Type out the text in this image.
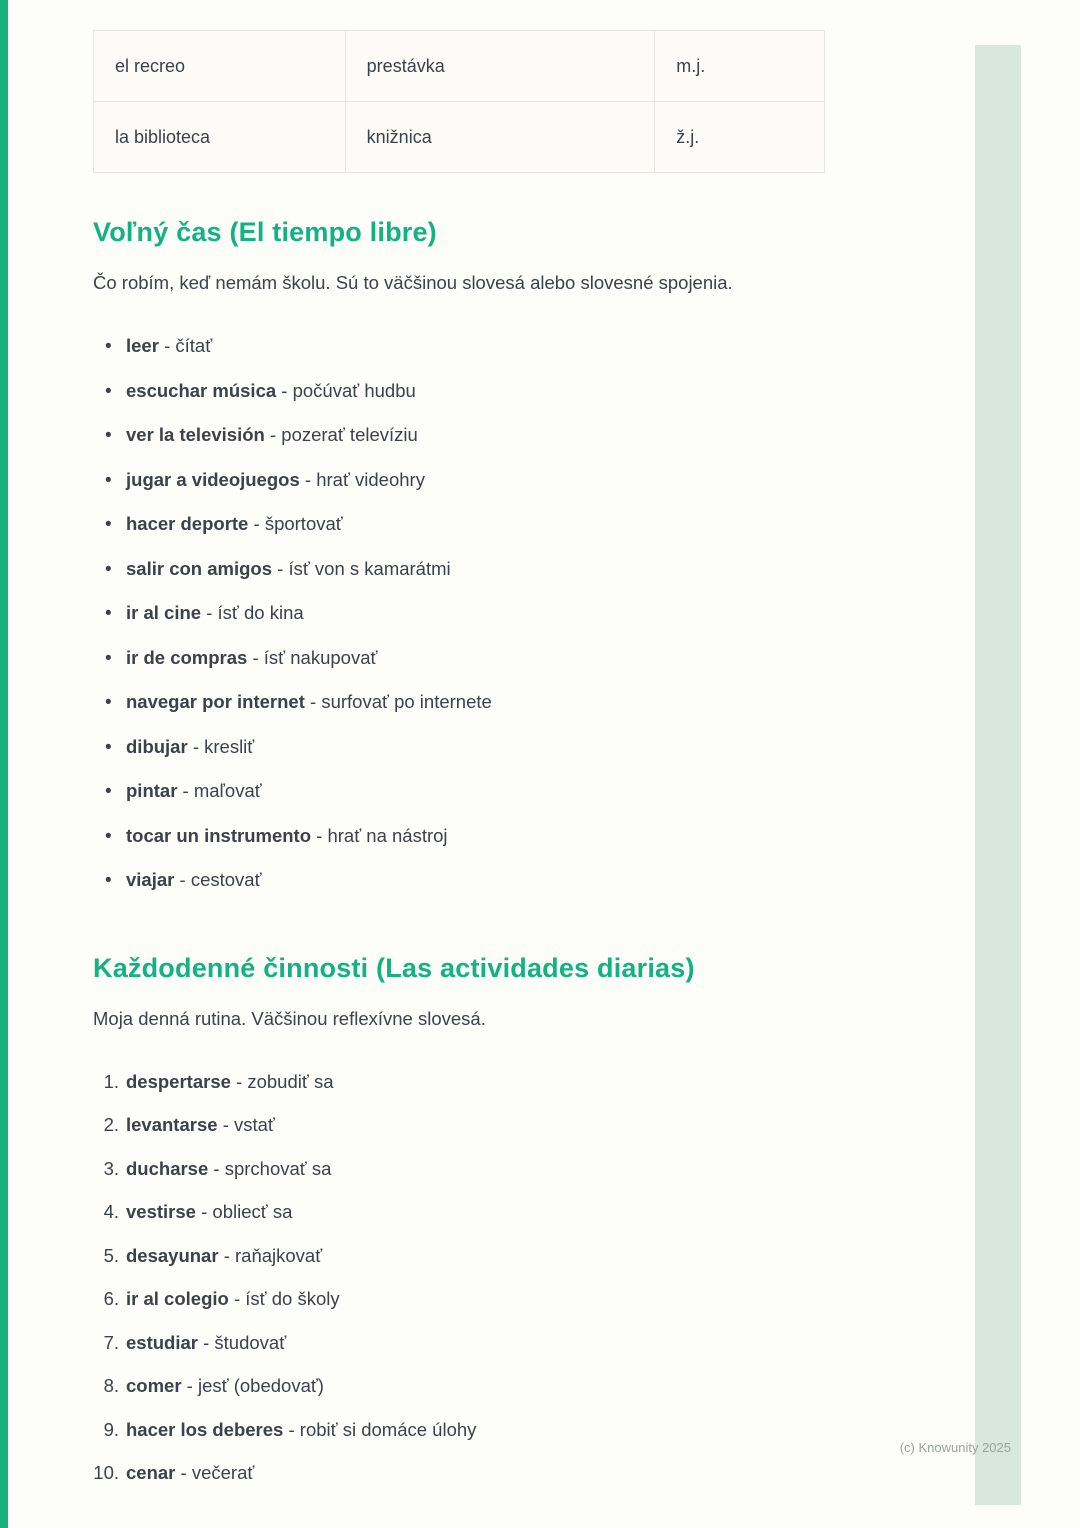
el recreo	prestávka	m.j.
la biblioteca	knižnica	ž.j.
Voľný čas (El tiempo libre)

Čo robím, keď nemám školu. Sú to väčšinou slovesá alebo slovesné spojenia.

• leer - čítať
• escuchar música - počúvať hudbu
• ver la televisión - pozerať televíziu
• jugar a videojuegos - hrať videohry
• hacer deporte - športovať
• salir con amigos - ísť von s kamarátmi
• ir al cine - ísť do kina
• ir de compras - ísť nakupovať
• navegar por internet - surfovať po internete
• dibujar - kresliť
• pintar - maľovať
• tocar un instrumento - hrať na nástroj
• viajar - cestovať
Každodenné činnosti (Las actividades diarias)

Moja denná rutina. Väčšinou reflexívne slovesá.

1. despertarse - zobudiť sa
2. levantarse - vstať
3. ducharse - sprchovať sa
4. vestirse - obliecť sa
5. desayunar - raňajkovať
6. ir al colegio - ísť do školy
7. estudiar - študovať
8. comer - jesť (obedovať)
9. hacer los deberes - robiť si domáce úlohy
10. cenar - večerať
(c) Knowunity 2025
